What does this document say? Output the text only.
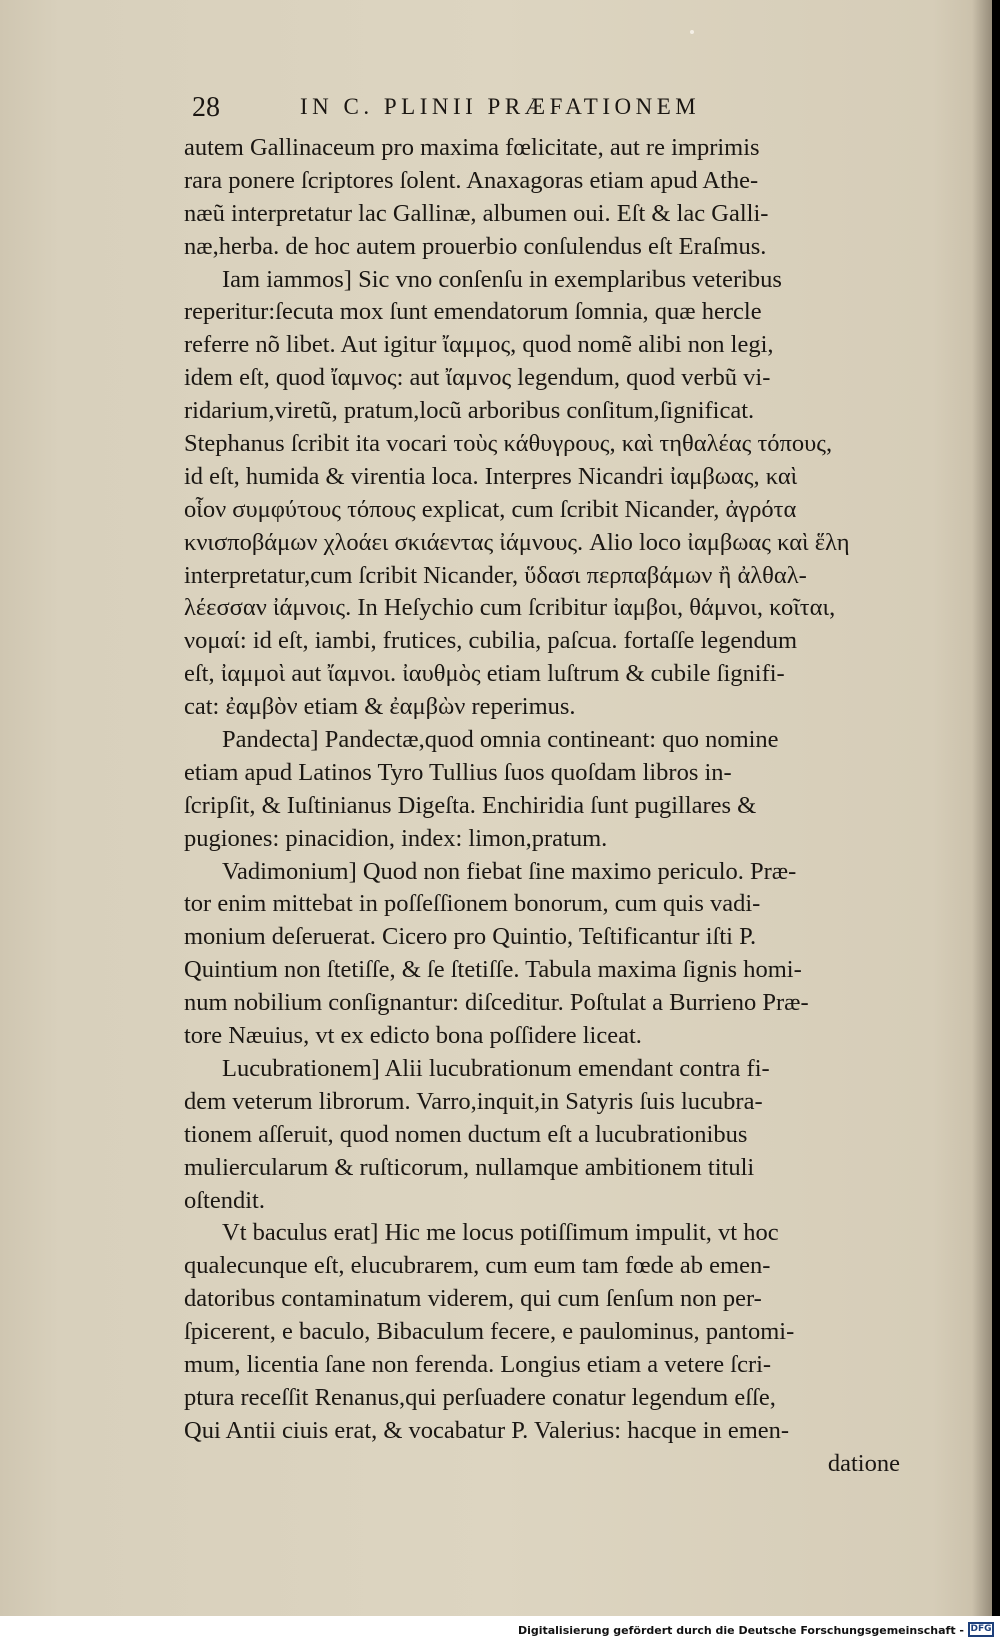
28	IN C. PLINII PRÆFATIONEM
autem Gallinaceum pro maxima fœlicitate, aut re imprimis
rara ponere ſcriptores ſolent. Anaxagoras etiam apud Athe-
næũ interpretatur lac Gallinæ, albumen oui. Eſt & lac Galli-
næ,herba. de hoc autem prouerbio conſulendus eſt Eraſmus.
Iam iammos] Sic vno conſenſu in exemplaribus veteribus
reperitur:ſecuta mox ſunt emendatorum ſomnia, quæ hercle
referre nõ libet. Aut igitur ἴαμμος, quod nomẽ alibi non legi,
idem eſt, quod ἴαμνος: aut ἴαμνος legendum, quod verbũ vi-
ridarium,viretũ, pratum,locũ arboribus conſitum,ſignificat.
Stephanus ſcribit ita vocari τοὺς κάθυγρους, καὶ τηθαλέας τόπους,
id eſt, humida & virentia loca. Interpres Nicandri ἰαμβωας, καὶ
οἷον συμφύτους τόπους explicat, cum ſcribit Nicander, ἀγρότα
κνισποβάμων χλοάει σκιάεντας ἰάμνους. Alio loco ἰαμβωας καὶ ἕλη
interpretatur,cum ſcribit Nicander, ὕδασι περπαβάμων ἢ ἀλθαλ-
λέεσσαν ἰάμνοις. In Heſychio cum ſcribitur ἰαμβοι, θάμνοι, κοῖται,
νομαί: id eſt, iambi, frutices, cubilia, paſcua. fortaſſe legendum
eſt, ἰαμμοὶ aut ἴαμνοι. ἰαυθμὸς etiam luſtrum & cubile ſignifi-
cat: ἐαμβὸν etiam & ἐαμβὼν reperimus.
Pandecta] Pandectæ,quod omnia contineant: quo nomine
etiam apud Latinos Tyro Tullius ſuos quoſdam libros in-
ſcripſit, & Iuſtinianus Digeſta. Enchiridia ſunt pugillares &
pugiones: pinacidion, index: limon,pratum.
Vadimonium] Quod non fiebat ſine maximo periculo. Præ-
tor enim mittebat in poſſeſſionem bonorum, cum quis vadi-
monium deſeruerat. Cicero pro Quintio, Teſtificantur iſti P.
Quintium non ſtetiſſe, & ſe ſtetiſſe. Tabula maxima ſignis homi-
num nobilium conſignantur: diſceditur. Poſtulat a Burrieno Præ-
tore Næuius, vt ex edicto bona poſſidere liceat.
Lucubrationem] Alii lucubrationum emendant contra fi-
dem veterum librorum. Varro,inquit,in Satyris ſuis lucubra-
tionem aſſeruit, quod nomen ductum eſt a lucubrationibus
muliercularum & ruſticorum, nullamque ambitionem tituli
oſtendit.
Vt baculus erat] Hic me locus potiſſimum impulit, vt hoc
qualecunque eſt, elucubrarem, cum eum tam fœde ab emen-
datoribus contaminatum viderem, qui cum ſenſum non per-
ſpicerent, e baculo, Bibaculum fecere, e paulominus, pantomi-
mum, licentia ſane non ferenda. Longius etiam a vetere ſcri-
ptura receſſit Renanus,qui perſuadere conatur legendum eſſe,
Qui Antii ciuis erat, & vocabatur P. Valerius: hacque in emen-
datione
Digitalisierung gefördert durch die Deutsche Forschungsgemeinschaft - DFG
